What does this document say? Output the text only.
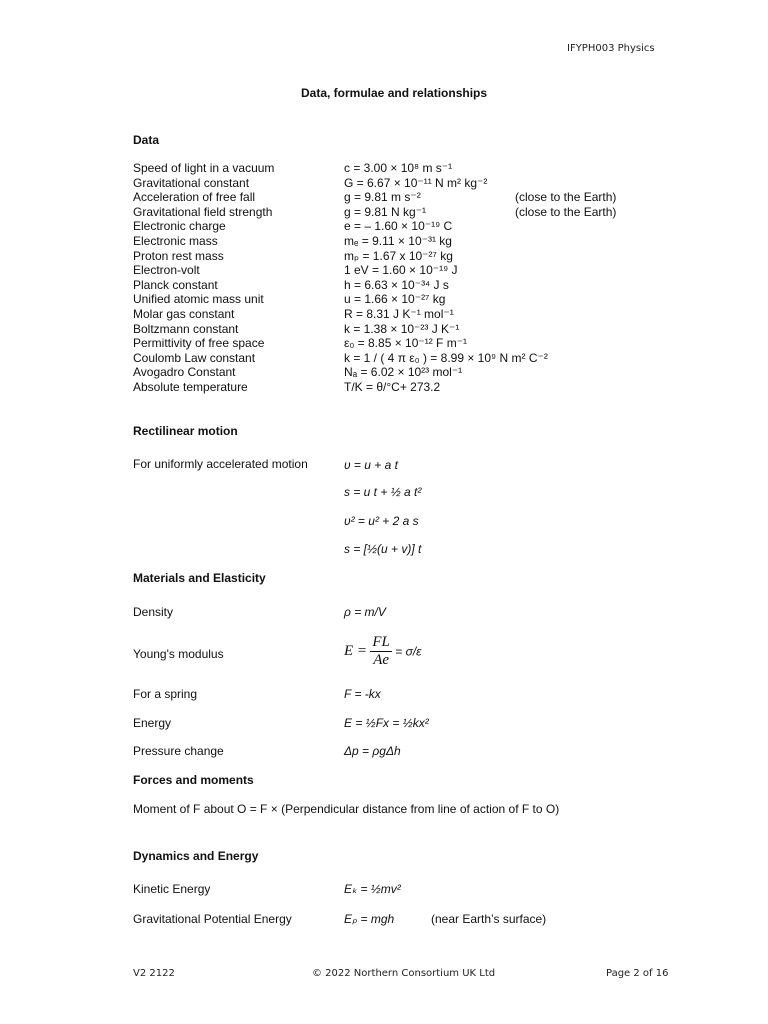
IFYPH003 Physics
Data, formulae and relationships
Data
Speed of light in a vacuum	c = 3.00 × 10⁸ m s⁻¹
Gravitational constant	G = 6.67 × 10⁻¹¹ N m² kg⁻²
Acceleration of free fall	g = 9.81 m s⁻²	(close to the Earth)
Gravitational field strength	g = 9.81 N kg⁻¹	(close to the Earth)
Electronic charge	e = – 1.60 × 10⁻¹⁹ C
Electronic mass	mₑ = 9.11 × 10⁻³¹ kg
Proton rest mass	mₚ = 1.67 x 10⁻²⁷ kg
Electron-volt	1 eV = 1.60 × 10⁻¹⁹ J
Planck constant	h = 6.63 × 10⁻³⁴ J s
Unified atomic mass unit	u = 1.66 × 10⁻²⁷ kg
Molar gas constant	R = 8.31 J K⁻¹ mol⁻¹
Boltzmann constant	k = 1.38 × 10⁻²³ J K⁻¹
Permittivity of free space	ε₀ = 8.85 × 10⁻¹² F m⁻¹
Coulomb Law constant	k = 1 / ( 4 π ε₀ ) = 8.99 × 10⁹ N m² C⁻²
Avogadro Constant	Nₐ = 6.02 × 10²³ mol⁻¹
Absolute temperature	T/K = θ/°C+ 273.2
Rectilinear motion
For uniformly accelerated motion	υ = u + a t
s = u t + ½ a t²
υ² = u² + 2 a s
s = [½(u + v)] t
Materials and Elasticity
Density	ρ = m/V
Young's modulus	$E = \frac{FL}{Ae} = \sigma/\varepsilon$
For a spring	F = -kx
Energy	E = ½Fx = ½kx²
Pressure change	Δp = ρgΔh
Forces and moments
Moment of F about O = F × (Perpendicular distance from line of action of F to O)
Dynamics and Energy
Kinetic Energy	Eₖ = ½mv²
Gravitational Potential Energy	Eₚ = mgh	(near Earth’s surface)
V2 2122	© 2022 Northern Consortium UK Ltd	Page 2 of 16
